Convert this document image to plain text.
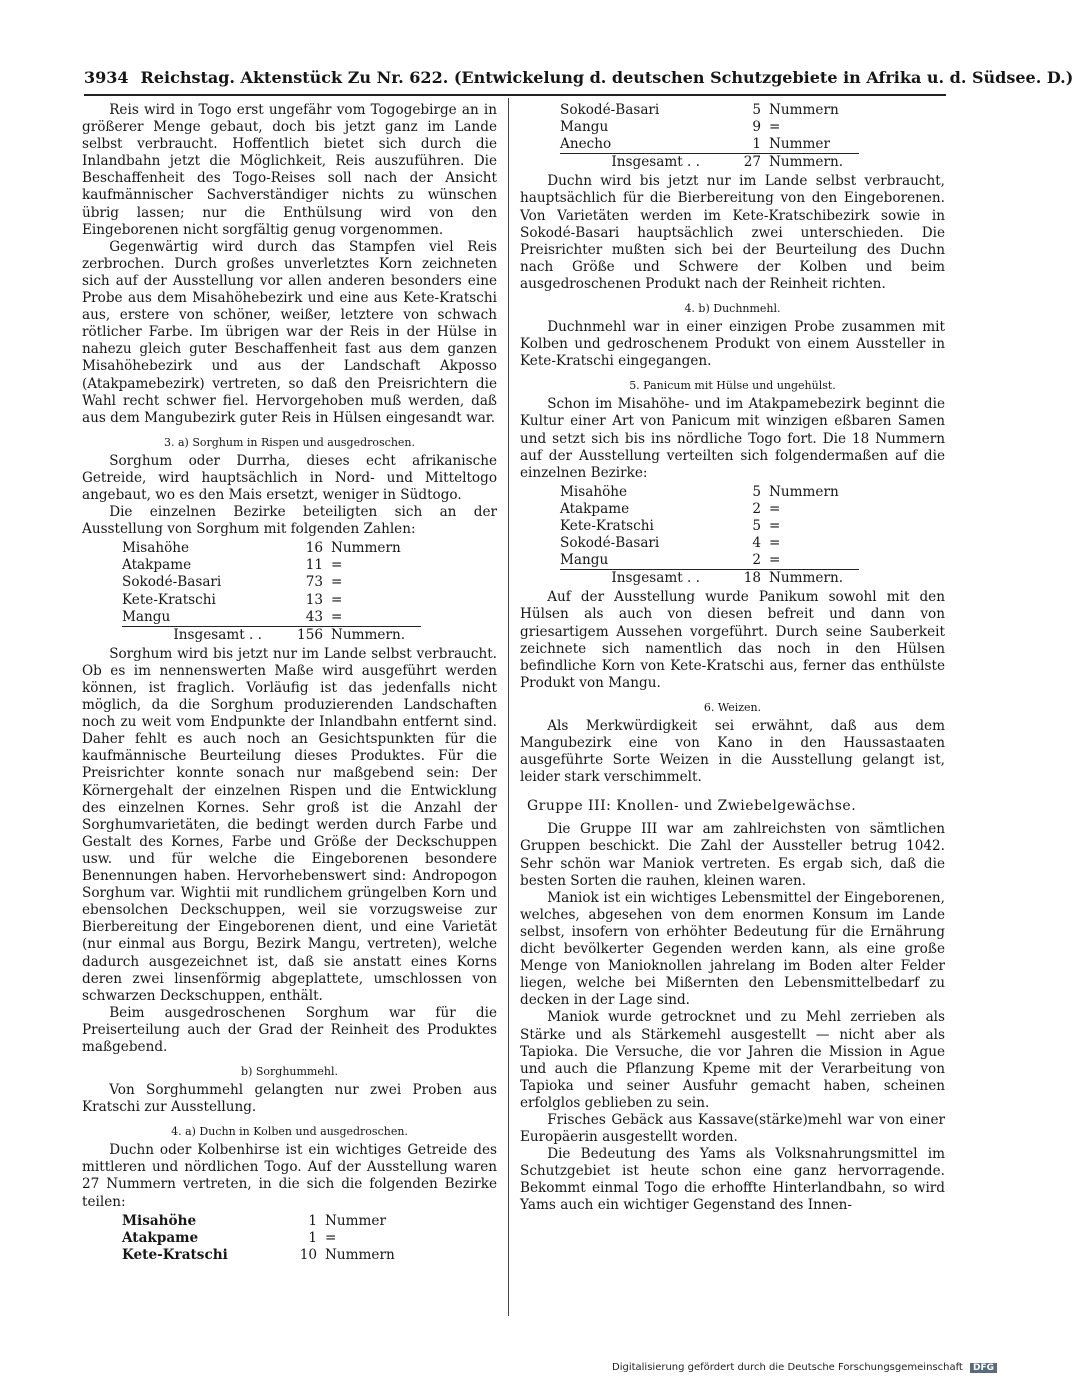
3934 Reichstag. Aktenstück Zu Nr. 622. (Entwickelung d. deutschen Schutzgebiete in Afrika u. d. Südsee. D.)

Reis wird in Togo erst ungefähr vom Togogebirge an in größerer Menge gebaut, doch bis jetzt ganz im Lande selbst verbraucht. Hoffentlich bietet sich durch die Inlandbahn jetzt die Möglichkeit, Reis auszuführen. Die Beschaffenheit des Togo-Reises soll nach der Ansicht kaufmännischer Sachverständiger nichts zu wünschen übrig lassen; nur die Enthülsung wird von den Eingeborenen nicht sorgfältig genug vorgenommen.

Gegenwärtig wird durch das Stampfen viel Reis zerbrochen. Durch großes unverletztes Korn zeichneten sich auf der Ausstellung vor allen anderen besonders eine Probe aus dem Misahöhebezirk und eine aus Kete-Kratschi aus, erstere von schöner, weißer, letztere von schwach rötlicher Farbe. Im übrigen war der Reis in der Hülse in nahezu gleich guter Beschaffenheit fast aus dem ganzen Misahöhebezirk und aus der Landschaft Akposso (Atakpamebezirk) vertreten, so daß den Preisrichtern die Wahl recht schwer fiel. Hervorgehoben muß werden, daß aus dem Mangubezirk guter Reis in Hülsen eingesandt war.

3. a) Sorghum in Rispen und ausgedroschen.

Sorghum oder Durrha, dieses echt afrikanische Getreide, wird hauptsächlich in Nord- und Mitteltogo angebaut, wo es den Mais ersetzt, weniger in Südtogo.

Die einzelnen Bezirke beteiligten sich an der Ausstellung von Sorghum mit folgenden Zahlen:

Misahöhe	16	Nummern
Atakpame	11	=
Sokodé-Basari	73	=
Kete-Kratschi	13	=
Mangu	43	=
Insgesamt . .	156	Nummern.

Sorghum wird bis jetzt nur im Lande selbst verbraucht. Ob es im nennenswerten Maße wird ausgeführt werden können, ist fraglich. Vorläufig ist das jedenfalls nicht möglich, da die Sorghum produzierenden Landschaften noch zu weit vom Endpunkte der Inlandbahn entfernt sind. Daher fehlt es auch noch an Gesichtspunkten für die kaufmännische Beurteilung dieses Produktes. Für die Preisrichter konnte sonach nur maßgebend sein: Der Körnergehalt der einzelnen Rispen und die Entwicklung des einzelnen Kornes. Sehr groß ist die Anzahl der Sorghumvarietäten, die bedingt werden durch Farbe und Gestalt des Kornes, Farbe und Größe der Deckschuppen usw. und für welche die Eingeborenen besondere Benennungen haben. Hervorhebenswert sind: Andropogon Sorghum var. Wightii mit rundlichem grüngelben Korn und ebensolchen Deckschuppen, weil sie vorzugsweise zur Bierbereitung der Eingeborenen dient, und eine Varietät (nur einmal aus Borgu, Bezirk Mangu, vertreten), welche dadurch ausgezeichnet ist, daß sie anstatt eines Korns deren zwei linsenförmig abgeplattete, umschlossen von schwarzen Deckschuppen, enthält.

Beim ausgedroschenen Sorghum war für die Preiserteilung auch der Grad der Reinheit des Produktes maßgebend.

b) Sorghummehl.

Von Sorghummehl gelangten nur zwei Proben aus Kratschi zur Ausstellung.

4. a) Duchn in Kolben und ausgedroschen.

Duchn oder Kolbenhirse ist ein wichtiges Getreide des mittleren und nördlichen Togo. Auf der Ausstellung waren 27 Nummern vertreten, in die sich die folgenden Bezirke teilen:

Misahöhe	1	Nummer
Atakpame	1	=
Kete-Kratschi	10	Nummern
Sokodé-Basari	5	Nummern
Mangu	9	=
Anecho	1	Nummer
Insgesamt . .	27	Nummern.

Duchn wird bis jetzt nur im Lande selbst verbraucht, hauptsächlich für die Bierbereitung von den Eingeborenen. Von Varietäten werden im Kete-Kratschibezirk sowie in Sokodé-Basari hauptsächlich zwei unterschieden. Die Preisrichter mußten sich bei der Beurteilung des Duchn nach Größe und Schwere der Kolben und beim ausgedroschenen Produkt nach der Reinheit richten.

4. b) Duchnmehl.

Duchnmehl war in einer einzigen Probe zusammen mit Kolben und gedroschenem Produkt von einem Aussteller in Kete-Kratschi eingegangen.

5. Panicum mit Hülse und ungehülst.

Schon im Misahöhe- und im Atakpamebezirk beginnt die Kultur einer Art von Panicum mit winzigen eßbaren Samen und setzt sich bis ins nördliche Togo fort. Die 18 Nummern auf der Ausstellung verteilten sich folgendermaßen auf die einzelnen Bezirke:

Misahöhe	5	Nummern
Atakpame	2	=
Kete-Kratschi	5	=
Sokodé-Basari	4	=
Mangu	2	=
Insgesamt . .	18	Nummern.

Auf der Ausstellung wurde Panikum sowohl mit den Hülsen als auch von diesen befreit und dann von griesartigem Aussehen vorgeführt. Durch seine Sauberkeit zeichnete sich namentlich das noch in den Hülsen befindliche Korn von Kete-Kratschi aus, ferner das enthülste Produkt von Mangu.

6. Weizen.

Als Merkwürdigkeit sei erwähnt, daß aus dem Mangubezirk eine von Kano in den Haussastaaten ausgeführte Sorte Weizen in die Ausstellung gelangt ist, leider stark verschimmelt.

Gruppe III: Knollen- und Zwiebelgewächse.

Die Gruppe III war am zahlreichsten von sämtlichen Gruppen beschickt. Die Zahl der Aussteller betrug 1042. Sehr schön war Maniok vertreten. Es ergab sich, daß die besten Sorten die rauhen, kleinen waren.

Maniok ist ein wichtiges Lebensmittel der Eingeborenen, welches, abgesehen von dem enormen Konsum im Lande selbst, insofern von erhöhter Bedeutung für die Ernährung dicht bevölkerter Gegenden werden kann, als eine große Menge von Manioknollen jahrelang im Boden alter Felder liegen, welche bei Mißernten den Lebensmittelbedarf zu decken in der Lage sind.

Maniok wurde getrocknet und zu Mehl zerrieben als Stärke und als Stärkemehl ausgestellt — nicht aber als Tapioka. Die Versuche, die vor Jahren die Mission in Ague und auch die Pflanzung Kpeme mit der Verarbeitung von Tapioka und seiner Ausfuhr gemacht haben, scheinen erfolglos geblieben zu sein.

Frisches Gebäck aus Kassave(stärke)mehl war von einer Europäerin ausgestellt worden.

Die Bedeutung des Yams als Volksnahrungsmittel im Schutzgebiet ist heute schon eine ganz hervorragende. Bekommt einmal Togo die erhoffte Hinterlandbahn, so wird Yams auch ein wichtiger Gegenstand des Innen-

Digitalisierung gefördert durch die Deutsche Forschungsgemeinschaft DFG
